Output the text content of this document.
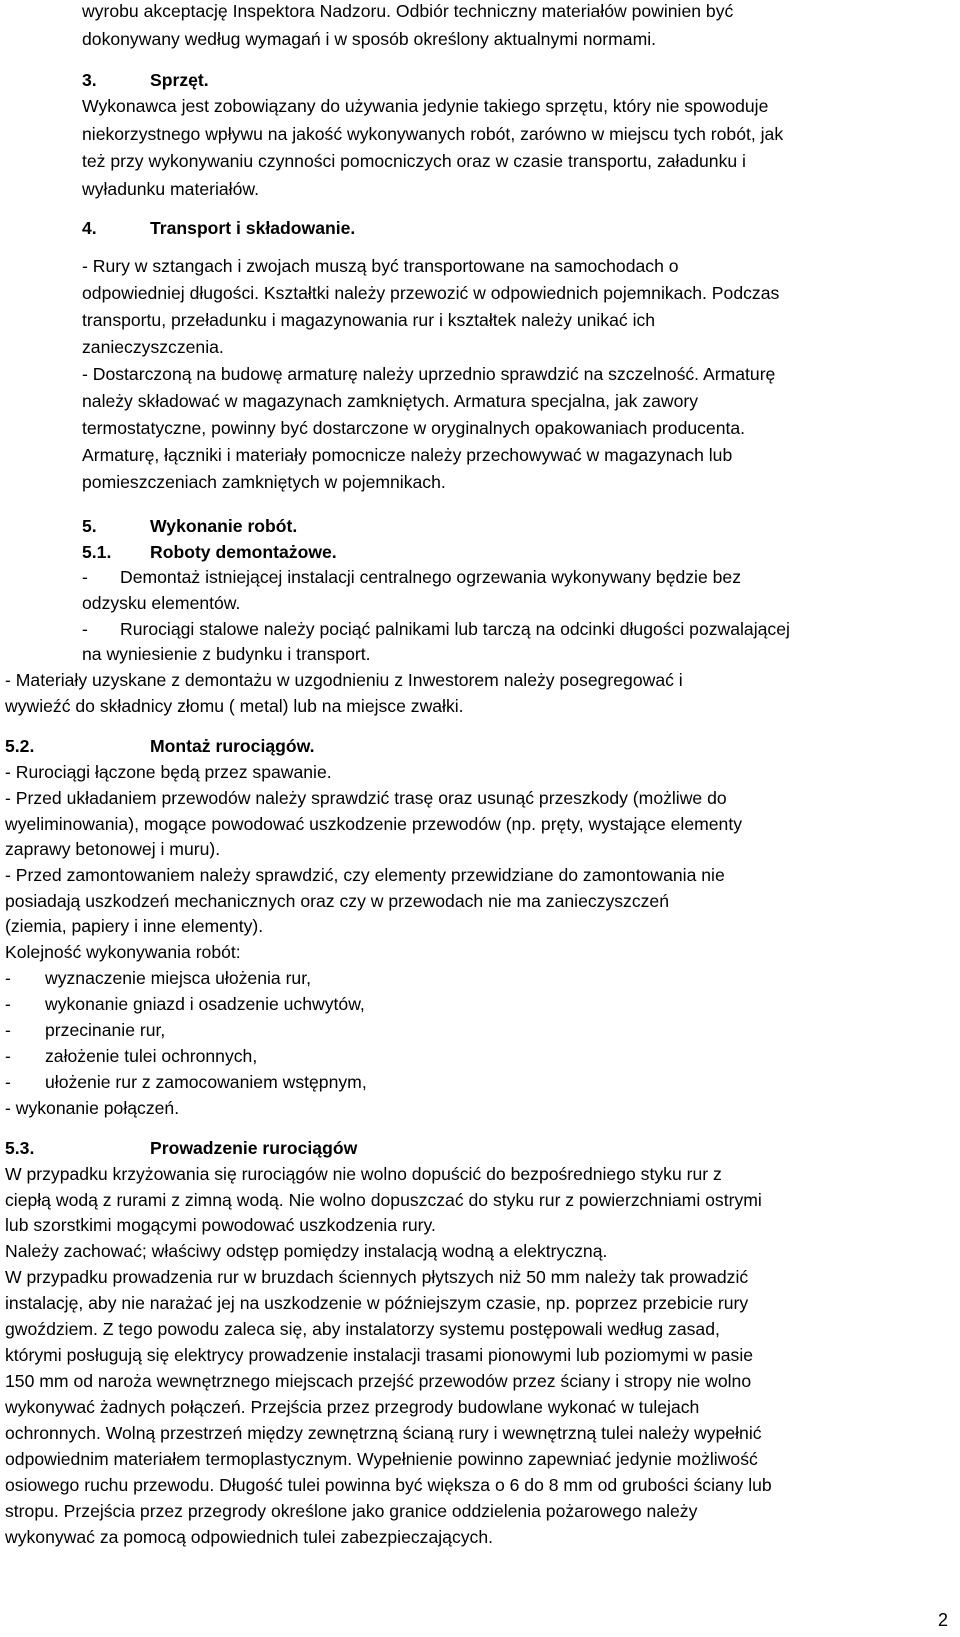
wyrobu akceptację Inspektora Nadzoru. Odbiór techniczny materiałów powinien być
dokonywany według wymagań i w sposób określony aktualnymi normami.
3.	Sprzęt.
Wykonawca jest zobowiązany do używania jedynie takiego sprzętu, który nie spowoduje
niekorzystnego wpływu na jakość wykonywanych robót, zarówno w miejscu tych robót, jak
też przy wykonywaniu czynności pomocniczych oraz w czasie transportu, załadunku i
wyładunku materiałów.
4.	Transport i składowanie.
- Rury w sztangach i zwojach muszą być transportowane na samochodach o
odpowiedniej długości. Kształtki należy przewozić w odpowiednich pojemnikach. Podczas
transportu, przeładunku i magazynowania rur i kształtek należy unikać ich
zanieczyszczenia.
- Dostarczoną na budowę armaturę należy uprzednio sprawdzić na szczelność. Armaturę
należy składować w magazynach zamkniętych. Armatura specjalna, jak zawory
termostatyczne, powinny być dostarczone w oryginalnych opakowaniach producenta.
Armaturę, łączniki i materiały pomocnicze należy przechowywać w magazynach lub
pomieszczeniach zamkniętych w pojemnikach.
5.	Wykonanie robót.
5.1. Roboty demontażowe.
- Demontaż istniejącej instalacji centralnego ogrzewania wykonywany będzie bez
odzysku elementów.
- Rurociągi stalowe należy pociąć palnikami lub tarczą na odcinki długości pozwalającej
na wyniesienie z budynku i transport.
- Materiały uzyskane z demontażu w uzgodnieniu z Inwestorem należy posegregować i
wywieźć do składnicy złomu ( metal) lub na miejsce zwałki.
5.2.	Montaż rurociągów.
- Rurociągi łączone będą przez spawanie.
- Przed układaniem przewodów należy sprawdzić trasę oraz usunąć przeszkody (możliwe do
wyeliminowania), mogące powodować uszkodzenie przewodów (np. pręty, wystające elementy
zaprawy betonowej i muru).
- Przed zamontowaniem należy sprawdzić, czy elementy przewidziane do zamontowania nie
posiadają uszkodzeń mechanicznych oraz czy w przewodach nie ma zanieczyszczeń
(ziemia, papiery i inne elementy).
Kolejność wykonywania robót:
- wyznaczenie miejsca ułożenia rur,
- wykonanie gniazd i osadzenie uchwytów,
- przecinanie rur,
- założenie tulei ochronnych,
- ułożenie rur z zamocowaniem wstępnym,
- wykonanie połączeń.
5.3.	Prowadzenie rurociągów
W przypadku krzyżowania się rurociągów nie wolno dopuścić do bezpośredniego styku rur z
ciepłą wodą z rurami z zimną wodą. Nie wolno dopuszczać do styku rur z powierzchniami ostrymi
lub szorstkimi mogącymi powodować uszkodzenia rury.
Należy zachować; właściwy odstęp pomiędzy instalacją wodną a elektryczną.
W przypadku prowadzenia rur w bruzdach ściennych płytszych niż 50 mm należy tak prowadzić
instalację, aby nie narażać jej na uszkodzenie w późniejszym czasie, np. poprzez przebicie rury
gwoździem. Z tego powodu zaleca się, aby instalatorzy systemu postępowali według zasad,
którymi posługują się elektrycy prowadzenie instalacji trasami pionowymi lub poziomymi w pasie
150 mm od naroża wewnętrznego miejscach przejść przewodów przez ściany i stropy nie wolno
wykonywać żadnych połączeń. Przejścia przez przegrody budowlane wykonać w tulejach
ochronnych. Wolną przestrzeń między zewnętrzną ścianą rury i wewnętrzną tulei należy wypełnić
odpowiednim materiałem termoplastycznym. Wypełnienie powinno zapewniać jedynie możliwość
osiowego ruchu przewodu. Długość tulei powinna być większa o 6 do 8 mm od grubości ściany lub
stropu. Przejścia przez przegrody określone jako granice oddzielenia pożarowego należy
wykonywać za pomocą odpowiednich tulei zabezpieczających.
2
